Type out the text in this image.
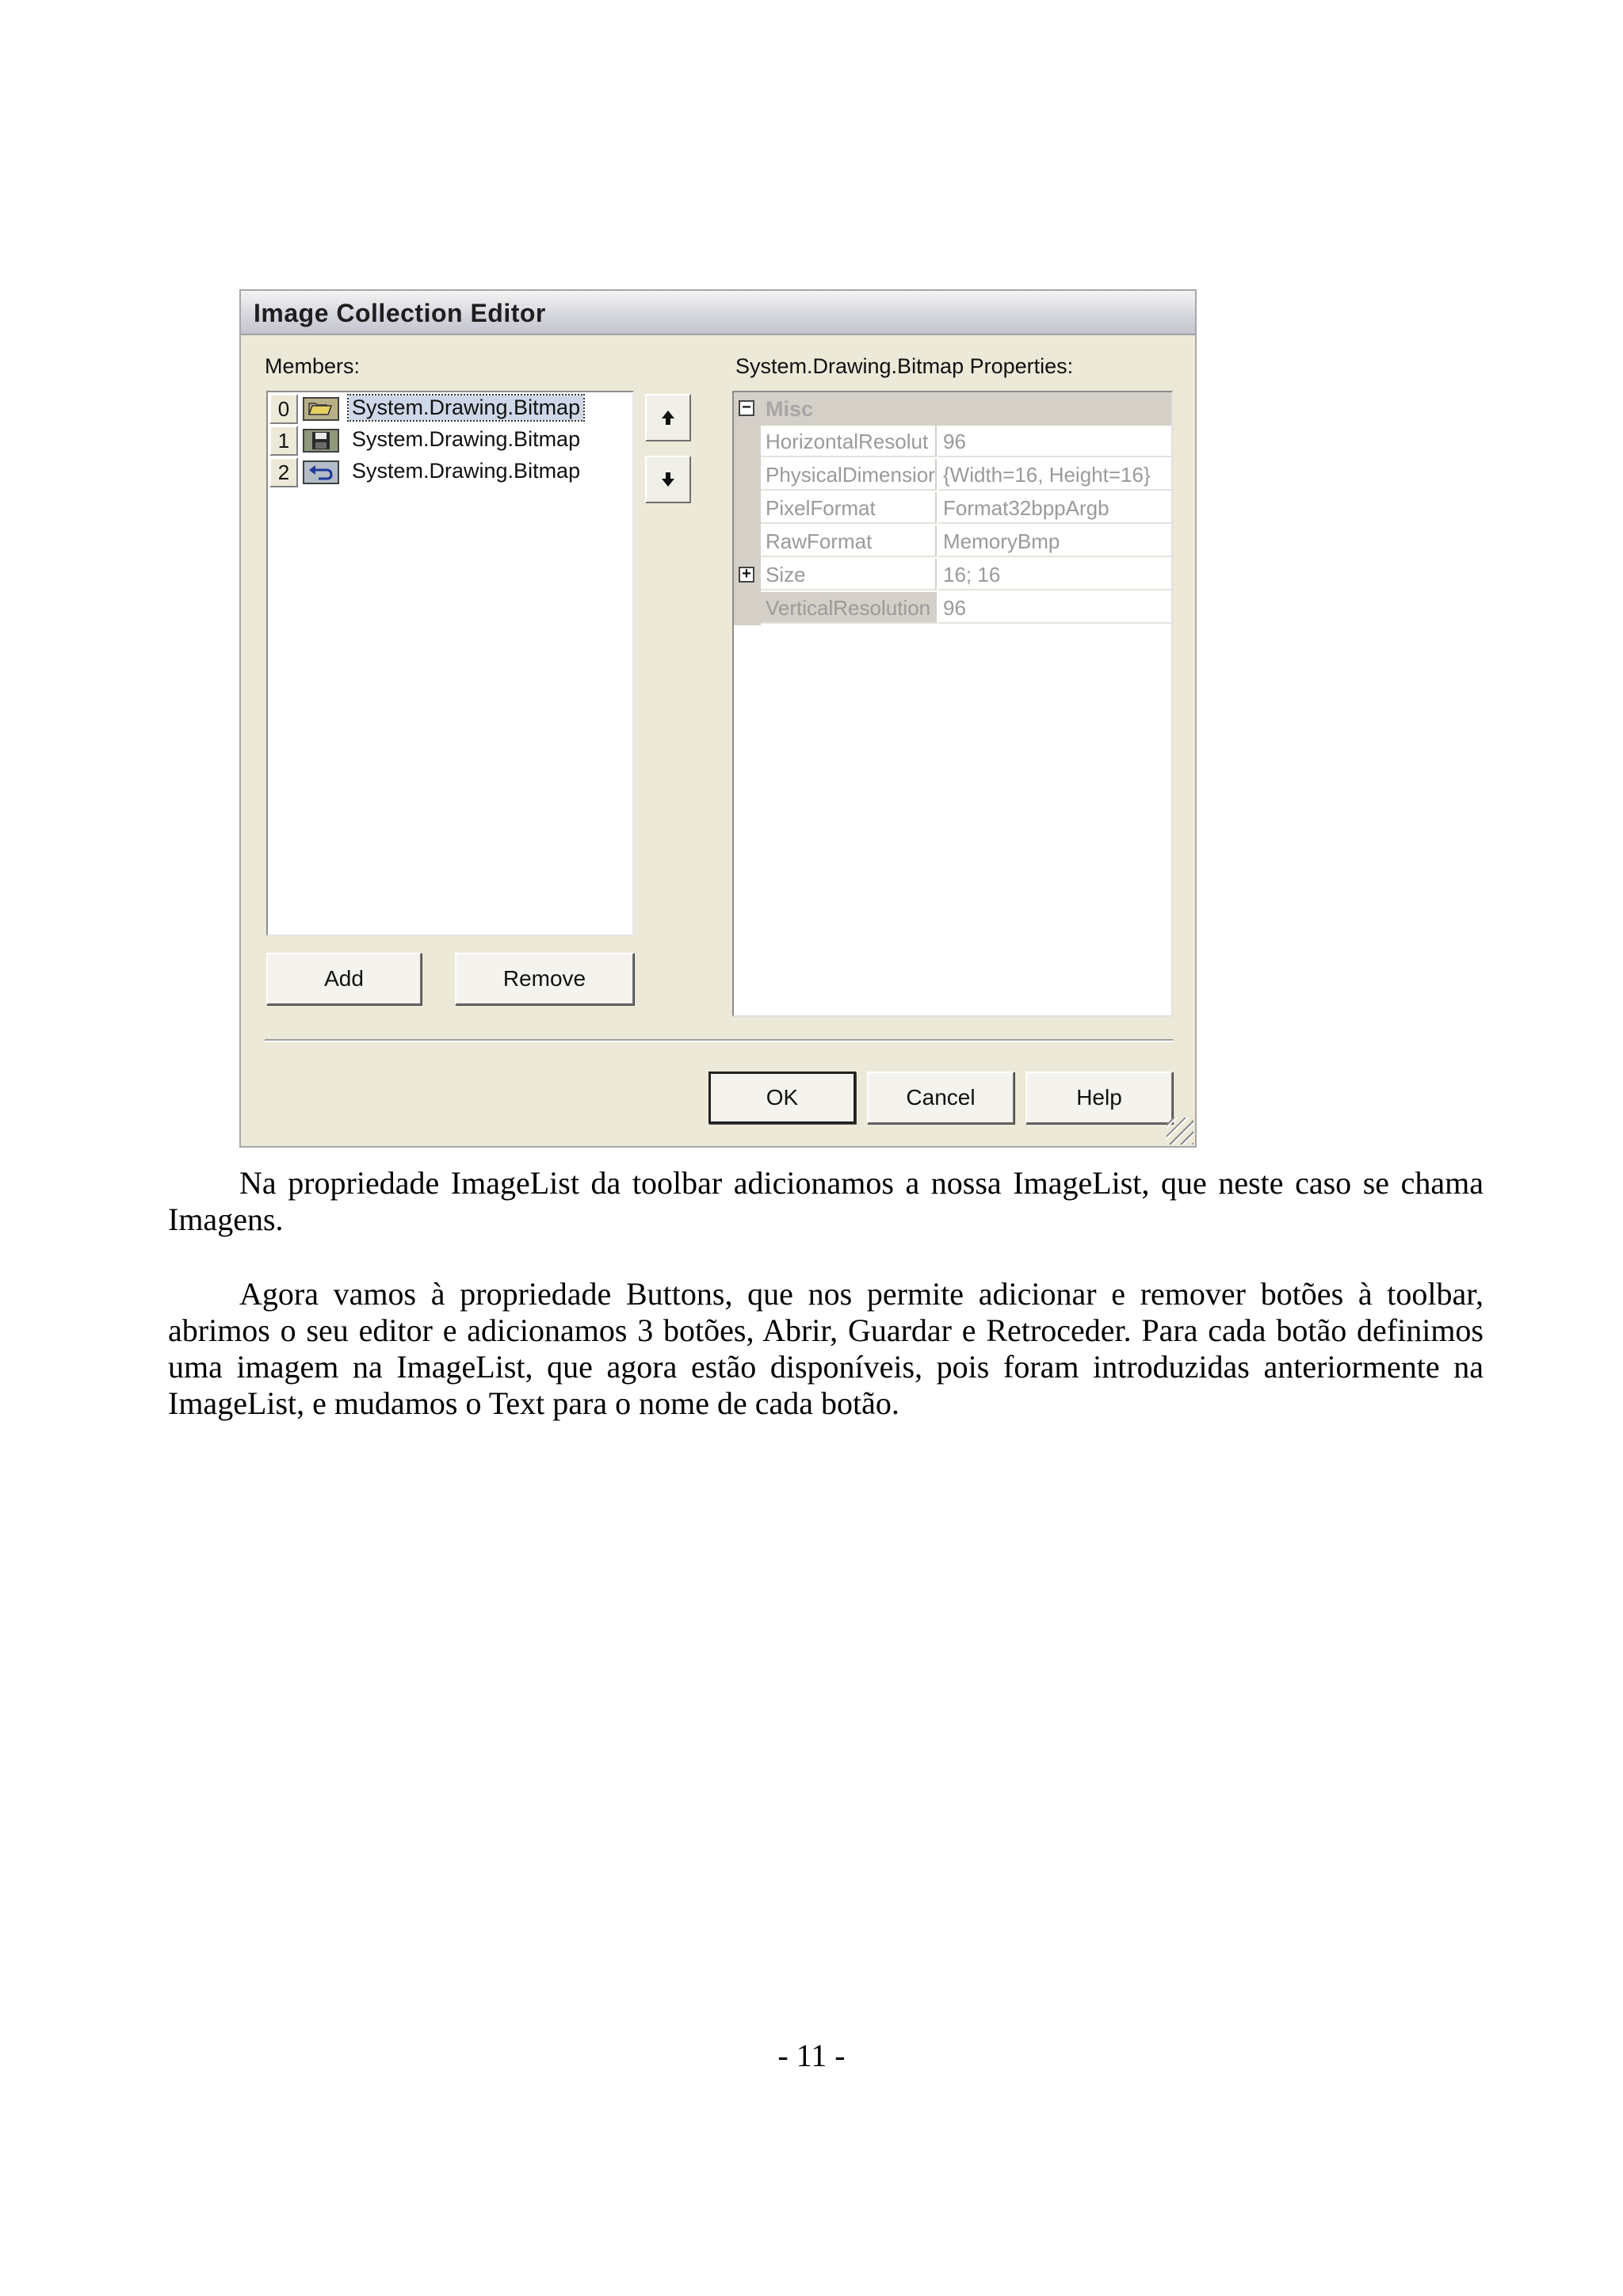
Image Collection Editor
Members:	System.Drawing.Bitmap Properties:
0	System.Drawing.Bitmap
1	System.Drawing.Bitmap
2	System.Drawing.Bitmap
Add	Remove
− Misc
HorizontalResolut 96
PhysicalDimensior {Width=16, Height=16}
PixelFormat	Format32bppArgb
RawFormat	MemoryBmp
+ Size	16; 16
VerticalResolution 96
OK	Cancel	Help

Na propriedade ImageList da toolbar adicionamos a nossa ImageList, que neste caso se chama Imagens.

Agora vamos à propriedade Buttons, que nos permite adicionar e remover botões à toolbar, abrimos o seu editor e adicionamos 3 botões, Abrir, Guardar e Retroceder. Para cada botão definimos uma imagem na ImageList, que agora estão disponíveis, pois foram introduzidas anteriormente na ImageList, e mudamos o Text para o nome de cada botão.

- 11 -
